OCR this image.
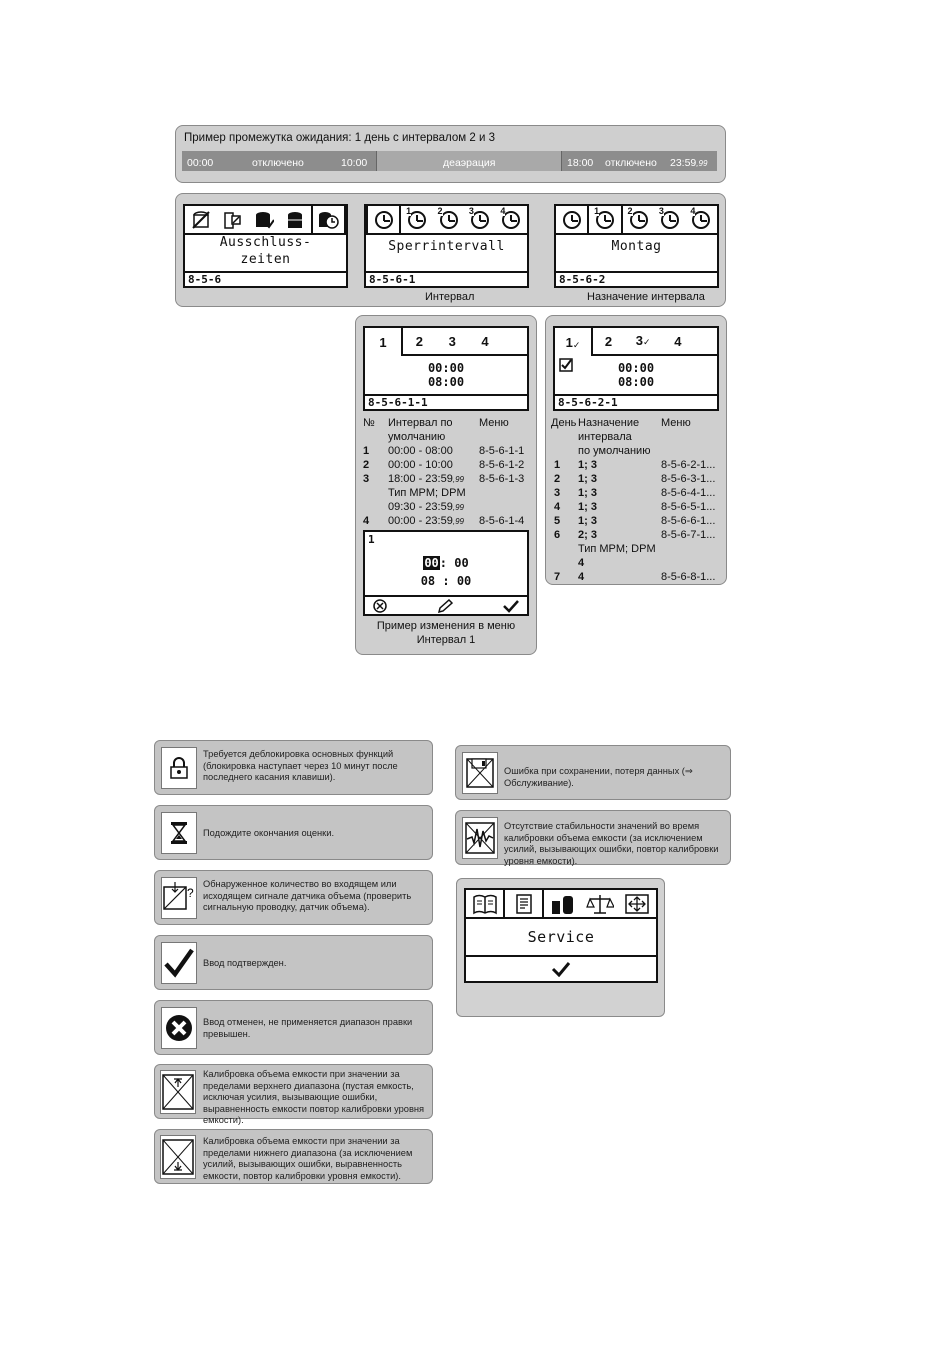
Пример промежутка ожидания: 1 день с интервалом 2 и 3
00:00	отключено	10:00	деаэрация	18:00 отключено 23:59,99
Ausschluss-
zeiten
8-5-6
1	2	3	4
Sperrintervall
8-5-6-1
Интервал
1	2	3	4
Montag
8-5-6-2
Назначение интервала
1	2 3 4
00:00
08:00
8-5-6-1-1
№ Интервал по
умолчанию
Меню
1 00:00 - 08:00 8-5-6-1-1
2 00:00 - 10:00 8-5-6-1-2
3 18:00 - 23:59,99 8-5-6-1-3
Тип MPM; DPM
09:30 - 23:59,99
4 00:00 - 23:59,99 8-5-6-1-4
1
00: 00
08 : 00
Пример изменения в меню
Интервал 1
1 ✓ 2 3✓ 4
00:00
08:00
8-5-6-2-1
День Назначение
интервала
по умолчанию
Меню
1 1; 3	8-5-6-2-1...
2 1; 3	8-5-6-3-1...
3 1; 3	8-5-6-4-1...
4 1; 3	8-5-6-5-1...
5 1; 3	8-5-6-6-1...
6 2; 3	8-5-6-7-1...
Тип MPM; DPM
4
7 4	8-5-6-8-1...
Требуется деблокировка основных функций (блокировка наступает через 10 минут после последнего касания клавиши).
Подождите окончания оценки.
?
Обнаруженное количество во входящем или исходящем сигнале датчика объема (проверить сигнальную проводку, датчик объема).
Ввод подтвержден.
Ввод отменен, не применяется диапазон правки превышен.
Калибровка объема емкости при значении за пределами верхнего диапазона (пустая емкость, исключая усилия, вызывающие ошибки, выравненность емкости повтор калибровки уровня емкости).
Калибровка объема емкости при значении за пределами нижнего диапазона (за исключением усилий, вызывающих ошибки, выравненность емкости, повтор калибровки уровня емкости).
Ошибка при сохранении, потеря данных (⇒ Обслуживание).
Отсутствие стабильности значений во время калибровки объема емкости (за исключением усилий, вызывающих ошибки, повтор калибровки уровня емкости).
Service
